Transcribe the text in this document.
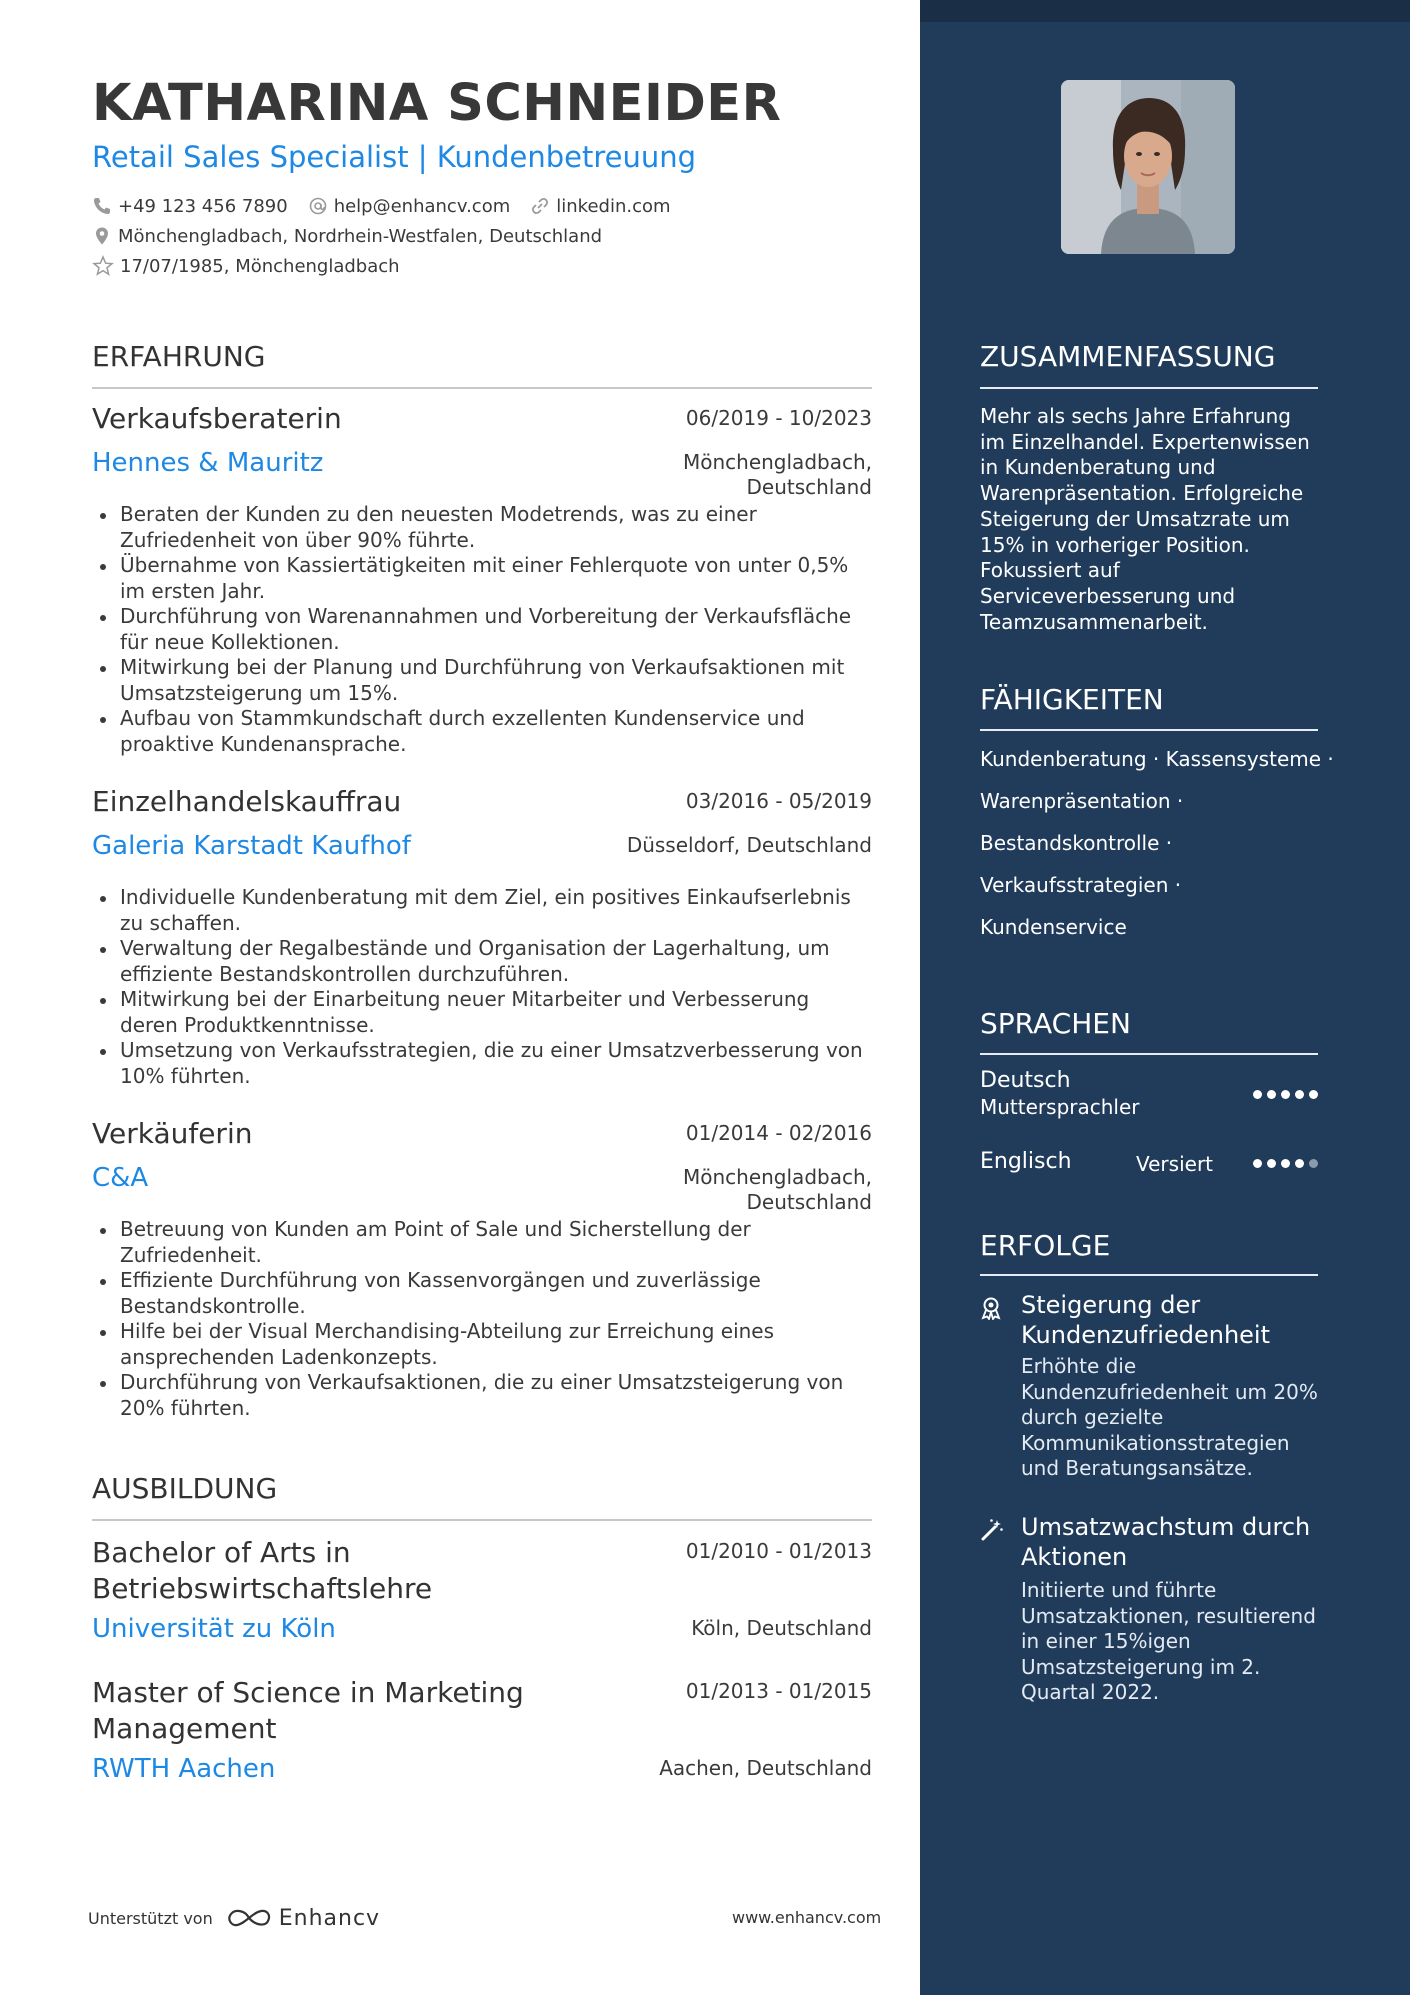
KATHARINA SCHNEIDER
Retail Sales Specialist | Kundenbetreuung
+49 123 456 7890	help@enhancv.com	linkedin.com
Mönchengladbach, Nordrhein-Westfalen, Deutschland
17/07/1985, Mönchengladbach
ERFAHRUNG
Verkaufsberaterin	06/2019 - 10/2023
Hennes & Mauritz	Mönchengladbach, Deutschland
Beraten der Kunden zu den neuesten Modetrends, was zu einer Zufriedenheit von über 90% führte.
Übernahme von Kassiertätigkeiten mit einer Fehlerquote von unter 0,5% im ersten Jahr.
Durchführung von Warenannahmen und Vorbereitung der Verkaufsfläche für neue Kollektionen.
Mitwirkung bei der Planung und Durchführung von Verkaufsaktionen mit Umsatzsteigerung um 15%.
Aufbau von Stammkundschaft durch exzellenten Kundenservice und proaktive Kundenansprache.
Einzelhandelskauffrau	03/2016 - 05/2019
Galeria Karstadt Kaufhof	Düsseldorf, Deutschland
Individuelle Kundenberatung mit dem Ziel, ein positives Einkaufserlebnis zu schaffen.
Verwaltung der Regalbestände und Organisation der Lagerhaltung, um effiziente Bestandskontrollen durchzuführen.
Mitwirkung bei der Einarbeitung neuer Mitarbeiter und Verbesserung deren Produktkenntnisse.
Umsetzung von Verkaufsstrategien, die zu einer Umsatzverbesserung von 10% führten.
Verkäuferin	01/2014 - 02/2016
C&A	Mönchengladbach, Deutschland
Betreuung von Kunden am Point of Sale und Sicherstellung der Zufriedenheit.
Effiziente Durchführung von Kassenvorgängen und zuverlässige Bestandskontrolle.
Hilfe bei der Visual Merchandising-Abteilung zur Erreichung eines ansprechenden Ladenkonzepts.
Durchführung von Verkaufsaktionen, die zu einer Umsatzsteigerung von 20% führten.
AUSBILDUNG
Bachelor of Arts in Betriebswirtschaftslehre
01/2010 - 01/2013
Universität zu Köln	Köln, Deutschland
Master of Science in Marketing Management
01/2013 - 01/2015
RWTH Aachen	Aachen, Deutschland
Unterstützt von	Enhancv	www.enhancv.com
ZUSAMMENFASSUNG
Mehr als sechs Jahre Erfahrung im Einzelhandel. Expertenwissen in Kundenberatung und Warenpräsentation. Erfolgreiche Steigerung der Umsatzrate um 15% in vorheriger Position. Fokussiert auf Serviceverbesserung und Teamzusammenarbeit.
FÄHIGKEITEN
Kundenberatung · Kassensysteme ·
Warenpräsentation ·
Bestandskontrolle ·
Verkaufsstrategien ·
Kundenservice
SPRACHEN
Deutsch
Muttersprachler
Englisch	Versiert
ERFOLGE
Steigerung der Kundenzufriedenheit
Erhöhte die Kundenzufriedenheit um 20% durch gezielte Kommunikationsstrategien und Beratungsansätze.
Umsatzwachstum durch Aktionen
Initiierte und führte Umsatzaktionen, resultierend in einer 15%igen Umsatzsteigerung im 2. Quartal 2022.
